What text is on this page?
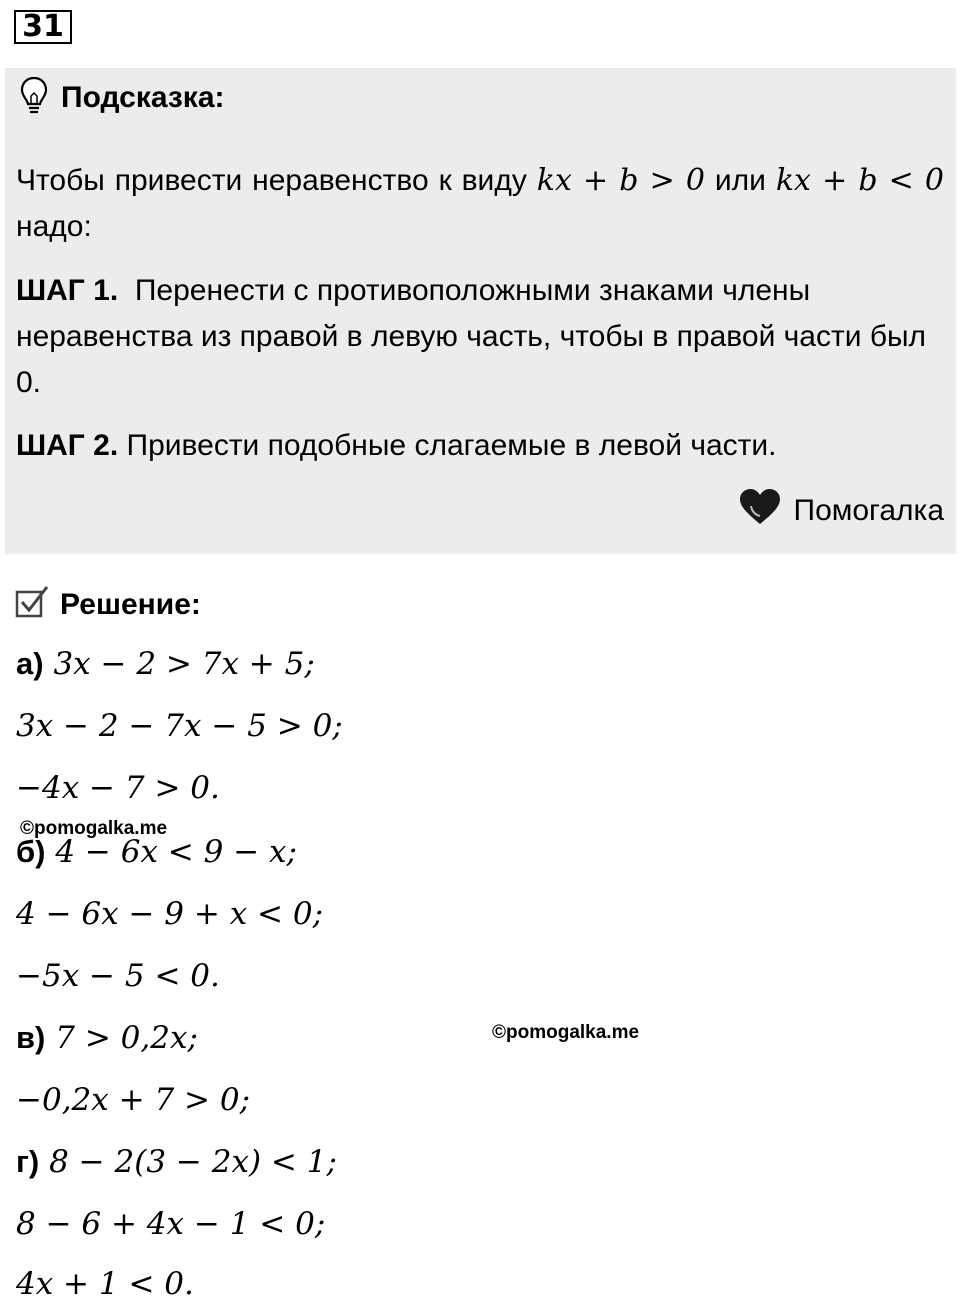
31
Подсказка:

Чтобы привести неравенство к виду kx + b > 0 или kx + b < 0 надо:

ШАГ 1. Перенести с противоположными знаками члены неравенства из правой в левую часть, чтобы в правой части был 0.

ШАГ 2. Привести подобные слагаемые в левой части.

Помогалка
Решение:
а) 3x − 2 > 7x + 5;
3x − 2 − 7x − 5 > 0;
−4x − 7 > 0.
©pomogalka.me
б) 4 − 6x < 9 − x;
4 − 6x − 9 + x < 0;
−5x − 5 < 0.
в) 7 > 0,2x;	©pomogalka.me
−0,2x + 7 > 0;
г) 8 − 2(3 − 2x) < 1;
8 − 6 + 4x − 1 < 0;
4x + 1 < 0.
